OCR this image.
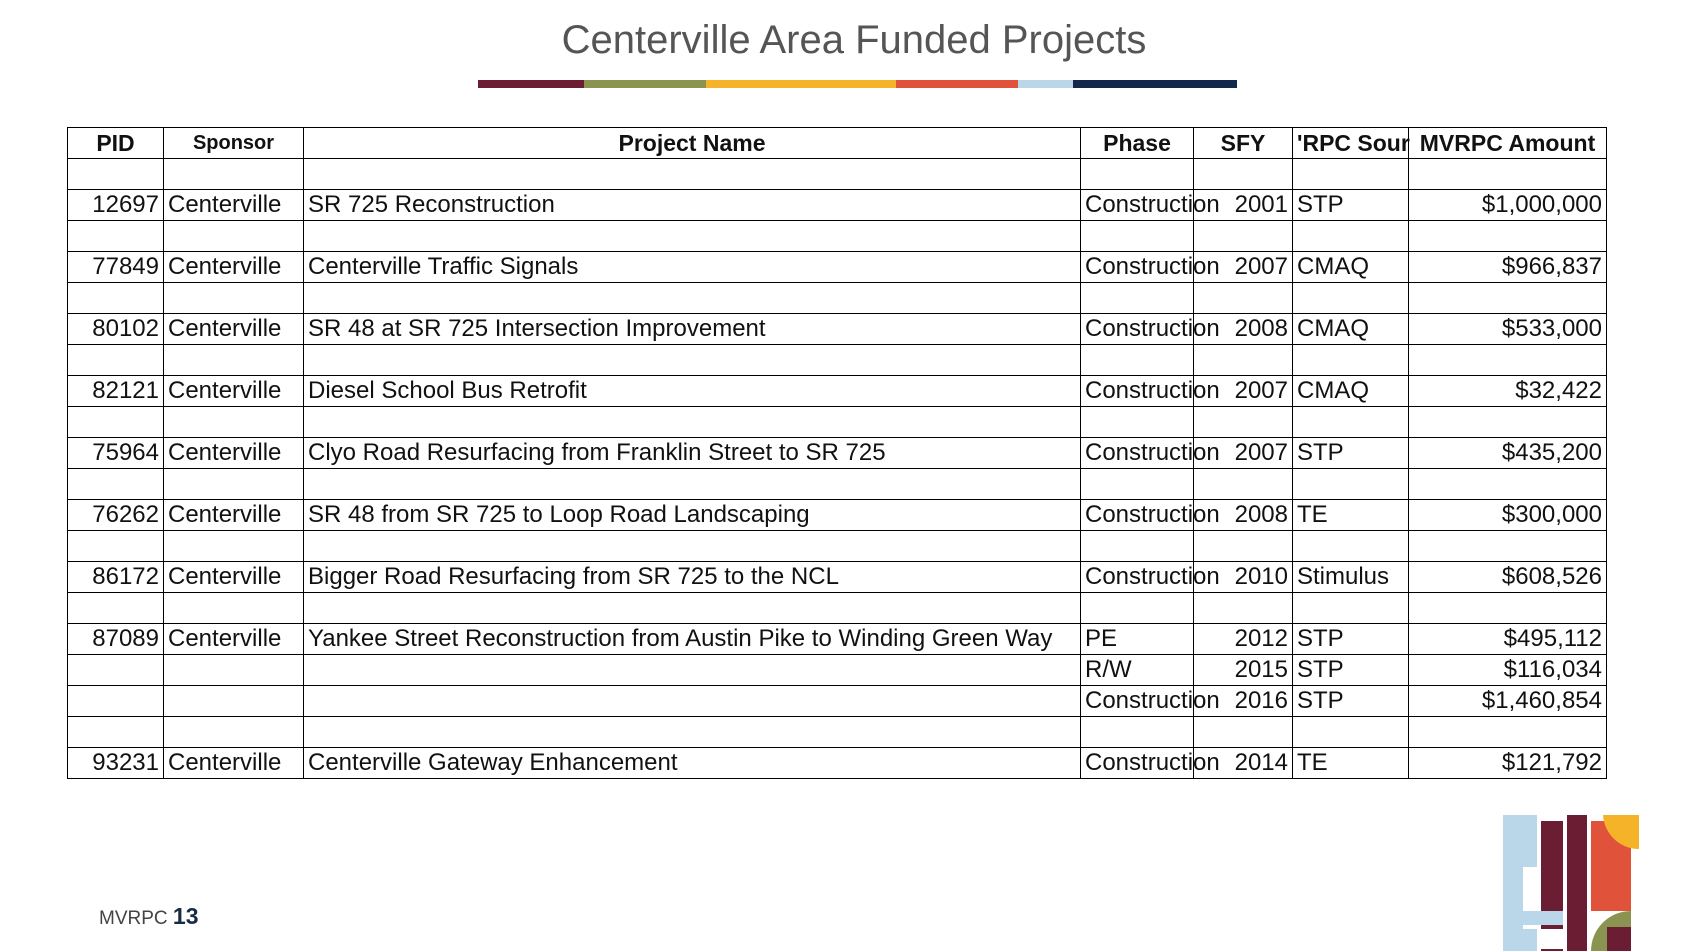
Centerville Area Funded Projects
PID	Sponsor	Project Name	Phase	SFY	'RPC Sour	MVRPC Amount

12697	Centerville	SR 725 Reconstruction	Construction	2001	STP	$1,000,000

77849	Centerville	Centerville Traffic Signals	Construction	2007	CMAQ	$966,837

80102	Centerville	SR 48 at SR 725 Intersection Improvement	Construction	2008	CMAQ	$533,000

82121	Centerville	Diesel School Bus Retrofit	Construction	2007	CMAQ	$32,422

75964	Centerville	Clyo Road Resurfacing from Franklin Street to SR 725	Construction	2007	STP	$435,200

76262	Centerville	SR 48 from SR 725 to Loop Road Landscaping	Construction	2008	TE	$300,000

86172	Centerville	Bigger Road Resurfacing from SR 725 to the NCL	Construction	2010	Stimulus	$608,526

87089	Centerville	Yankee Street Reconstruction from Austin Pike to Winding Green Way	PE	2012	STP	$495,112
			R/W	2015	STP	$116,034
			Construction	2016	STP	$1,460,854

93231	Centerville	Centerville Gateway Enhancement	Construction	2014	TE	$121,792
MVRPC 13
